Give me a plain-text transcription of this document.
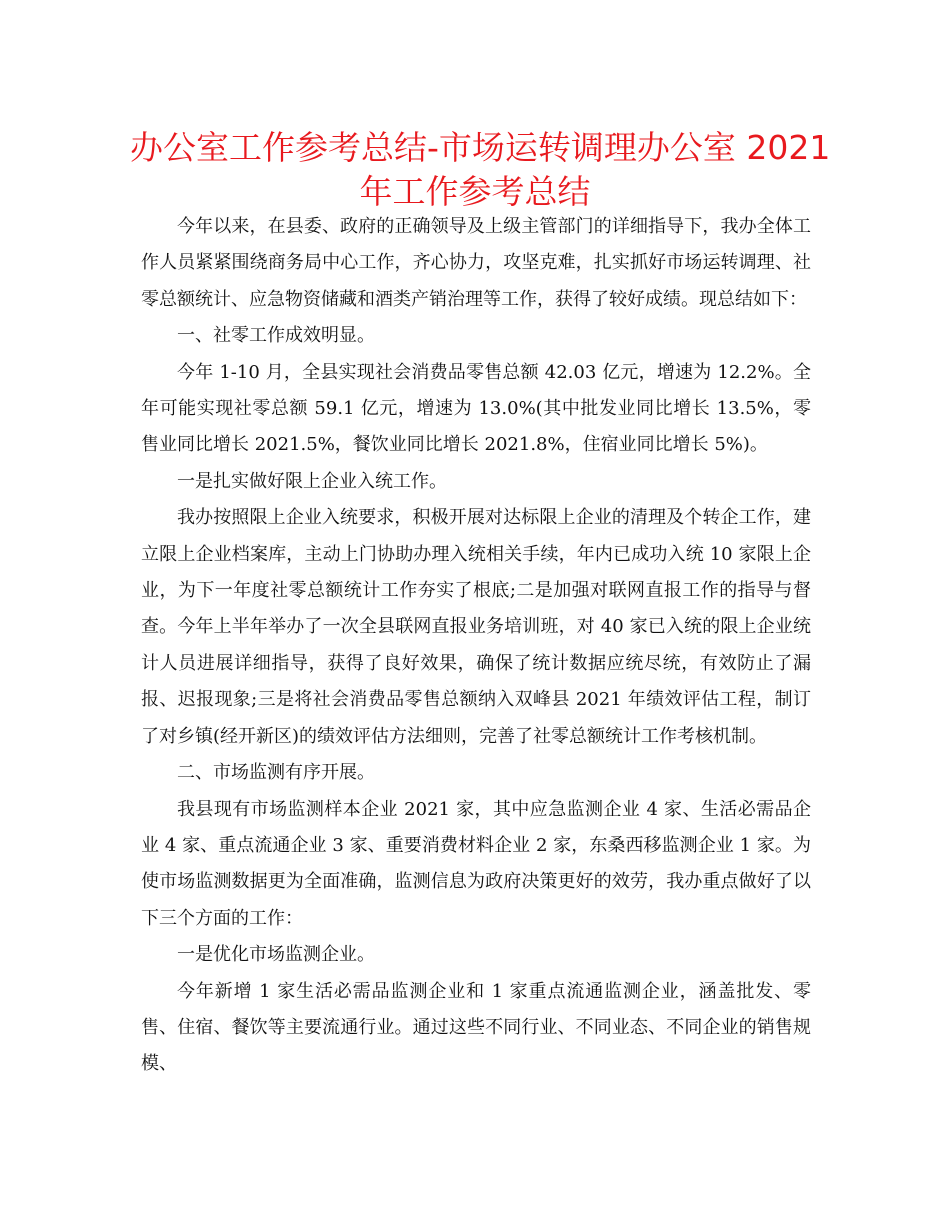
办公室工作参考总结-市场运转调理办公室 2021
年工作参考总结

今年以来，在县委、政府的正确领导及上级主管部门的详细指导下，我办全体工作人员紧紧围绕商务局中心工作，齐心协力，攻坚克难，扎实抓好市场运转调理、社零总额统计、应急物资储藏和酒类产销治理等工作，获得了较好成绩。现总结如下：

一、社零工作成效明显。

今年 1-10 月，全县实现社会消费品零售总额 42.03 亿元，增速为 12.2%。全年可能实现社零总额 59.1 亿元，增速为 13.0%(其中批发业同比增长 13.5%，零售业同比增长 2021.5%，餐饮业同比增长 2021.8%，住宿业同比增长 5%)。

一是扎实做好限上企业入统工作。

我办按照限上企业入统要求，积极开展对达标限上企业的清理及个转企工作，建立限上企业档案库，主动上门协助办理入统相关手续，年内已成功入统 10 家限上企业，为下一年度社零总额统计工作夯实了根底;二是加强对联网直报工作的指导与督查。今年上半年举办了一次全县联网直报业务培训班，对 40 家已入统的限上企业统计人员进展详细指导，获得了良好效果，确保了统计数据应统尽统，有效防止了漏报、迟报现象;三是将社会消费品零售总额纳入双峰县 2021 年绩效评估工程，制订了对乡镇(经开新区)的绩效评估方法细则，完善了社零总额统计工作考核机制。

二、市场监测有序开展。

我县现有市场监测样本企业 2021 家，其中应急监测企业 4 家、生活必需品企业 4 家、重点流通企业 3 家、重要消费材料企业 2 家，东桑西移监测企业 1 家。为使市场监测数据更为全面准确，监测信息为政府决策更好的效劳，我办重点做好了以下三个方面的工作：

一是优化市场监测企业。

今年新增 1 家生活必需品监测企业和 1 家重点流通监测企业，涵盖批发、零售、住宿、餐饮等主要流通行业。通过这些不同行业、不同业态、不同企业的销售规模、
